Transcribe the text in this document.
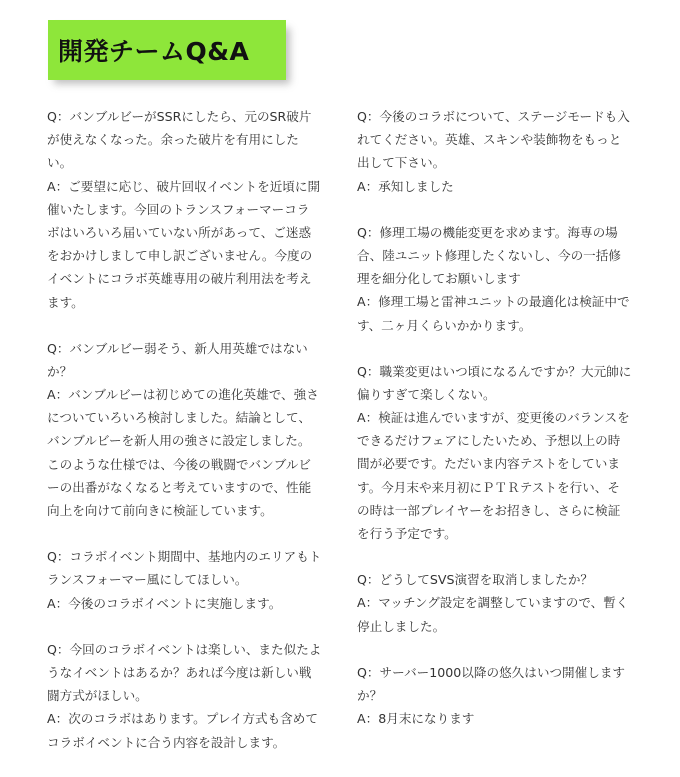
開発チームQ&A
Q：バンブルビーがSSRにしたら、元のSR破片
が使えなくなった。余った破片を有用にした
い。
A：ご要望に応じ、破片回収イベントを近頃に開
催いたします。今回のトランスフォーマーコラ
ボはいろいろ届いていない所があって、ご迷惑
をおかけしまして申し訳ございません。今度の
イベントにコラボ英雄専用の破片利用法を考え
ます。
Q：バンブルビー弱そう、新人用英雄ではない
か？
A：バンブルビーは初じめての進化英雄で、強さ
についていろいろ検討しました。結論として、
バンブルビーを新人用の強さに設定しました。
このような仕様では、今後の戦闘でバンブルビ
ーの出番がなくなると考えていますので、性能
向上を向けて前向きに検証しています。
Q：コラボイベント期間中、基地内のエリアもト
ランスフォーマー風にしてほしい。
A：今後のコラボイベントに実施します。
Q：今回のコラボイベントは楽しい、また似たよ
うなイベントはあるか？あれば今度は新しい戦
闘方式がほしい。
A：次のコラボはあります。プレイ方式も含めて
コラボイベントに合う内容を設計します。
Q：今後のコラボについて、ステージモードも入
れてください。英雄、スキンや装飾物をもっと
出して下さい。
A：承知しました
Q：修理工場の機能変更を求めます。海専の場
合、陸ユニット修理したくないし、今の一括修
理を細分化してお願いします
A：修理工場と雷神ユニットの最適化は検証中で
す、二ヶ月くらいかかります。
Q：職業変更はいつ頃になるんですか？大元帥に
偏りすぎて楽しくない。
A：検証は進んでいますが、変更後のバランスを
できるだけフェアにしたいため、予想以上の時
間が必要です。ただいま内容テストをしていま
す。今月末や来月初にＰＴＲテストを行い、そ
の時は一部プレイヤーをお招きし、さらに検証
を行う予定です。
Q：どうしてSVS演習を取消しましたか？
A：マッチング設定を調整していますので、暫く
停止しました。
Q：サーバー1000以降の悠久はいつ開催します
か？
A：8月末になります
